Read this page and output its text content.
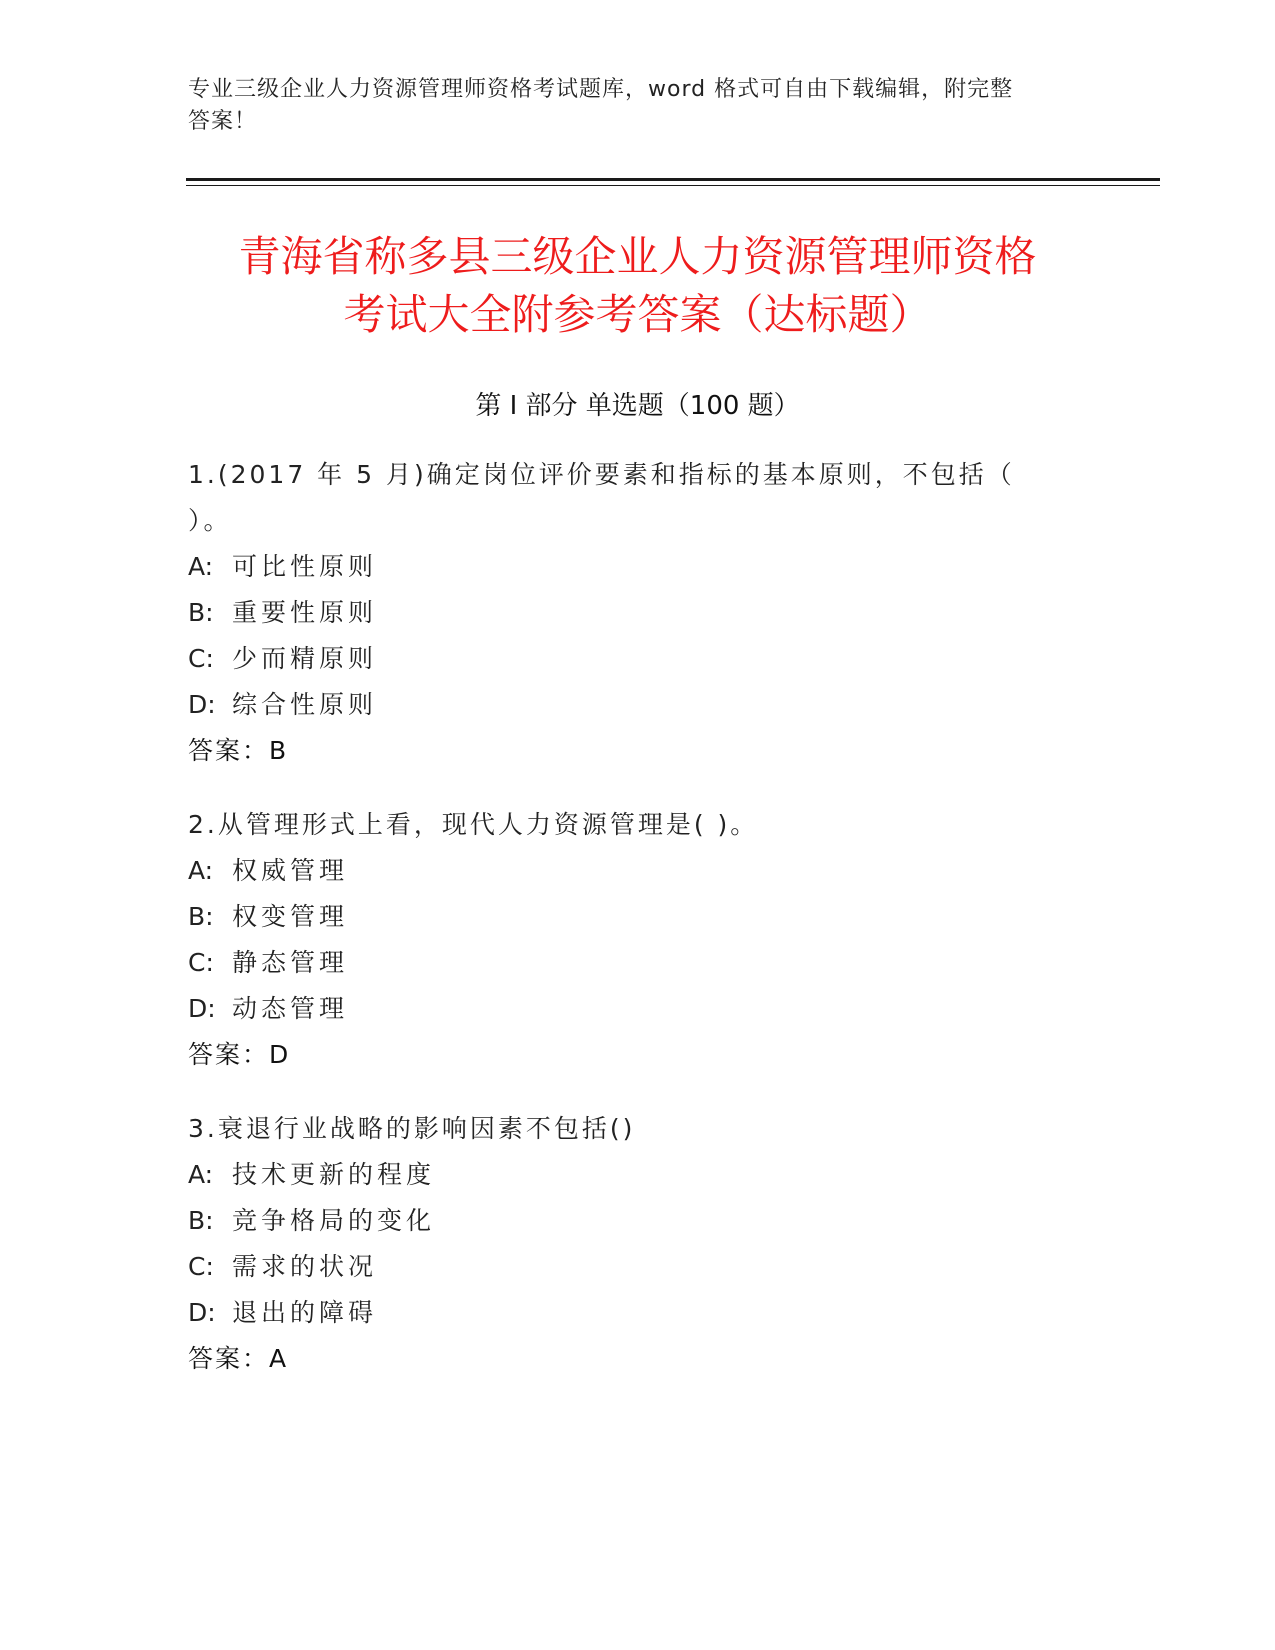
专业三级企业人力资源管理师资格考试题库，word 格式可自由下载编辑，附完整
答案！
青海省称多县三级企业人力资源管理师资格
考试大全附参考答案（达标题）
第 I 部分 单选题（100 题）
1.(2017 年 5 月)确定岗位评价要素和指标的基本原则，不包括（
）。
A: 可比性原则
B: 重要性原则
C: 少而精原则
D: 综合性原则
答案：B
2.从管理形式上看，现代人力资源管理是( )。
A: 权威管理
B: 权变管理
C: 静态管理
D: 动态管理
答案：D
3.衰退行业战略的影响因素不包括()
A: 技术更新的程度
B: 竞争格局的变化
C: 需求的状况
D: 退出的障碍
答案：A
